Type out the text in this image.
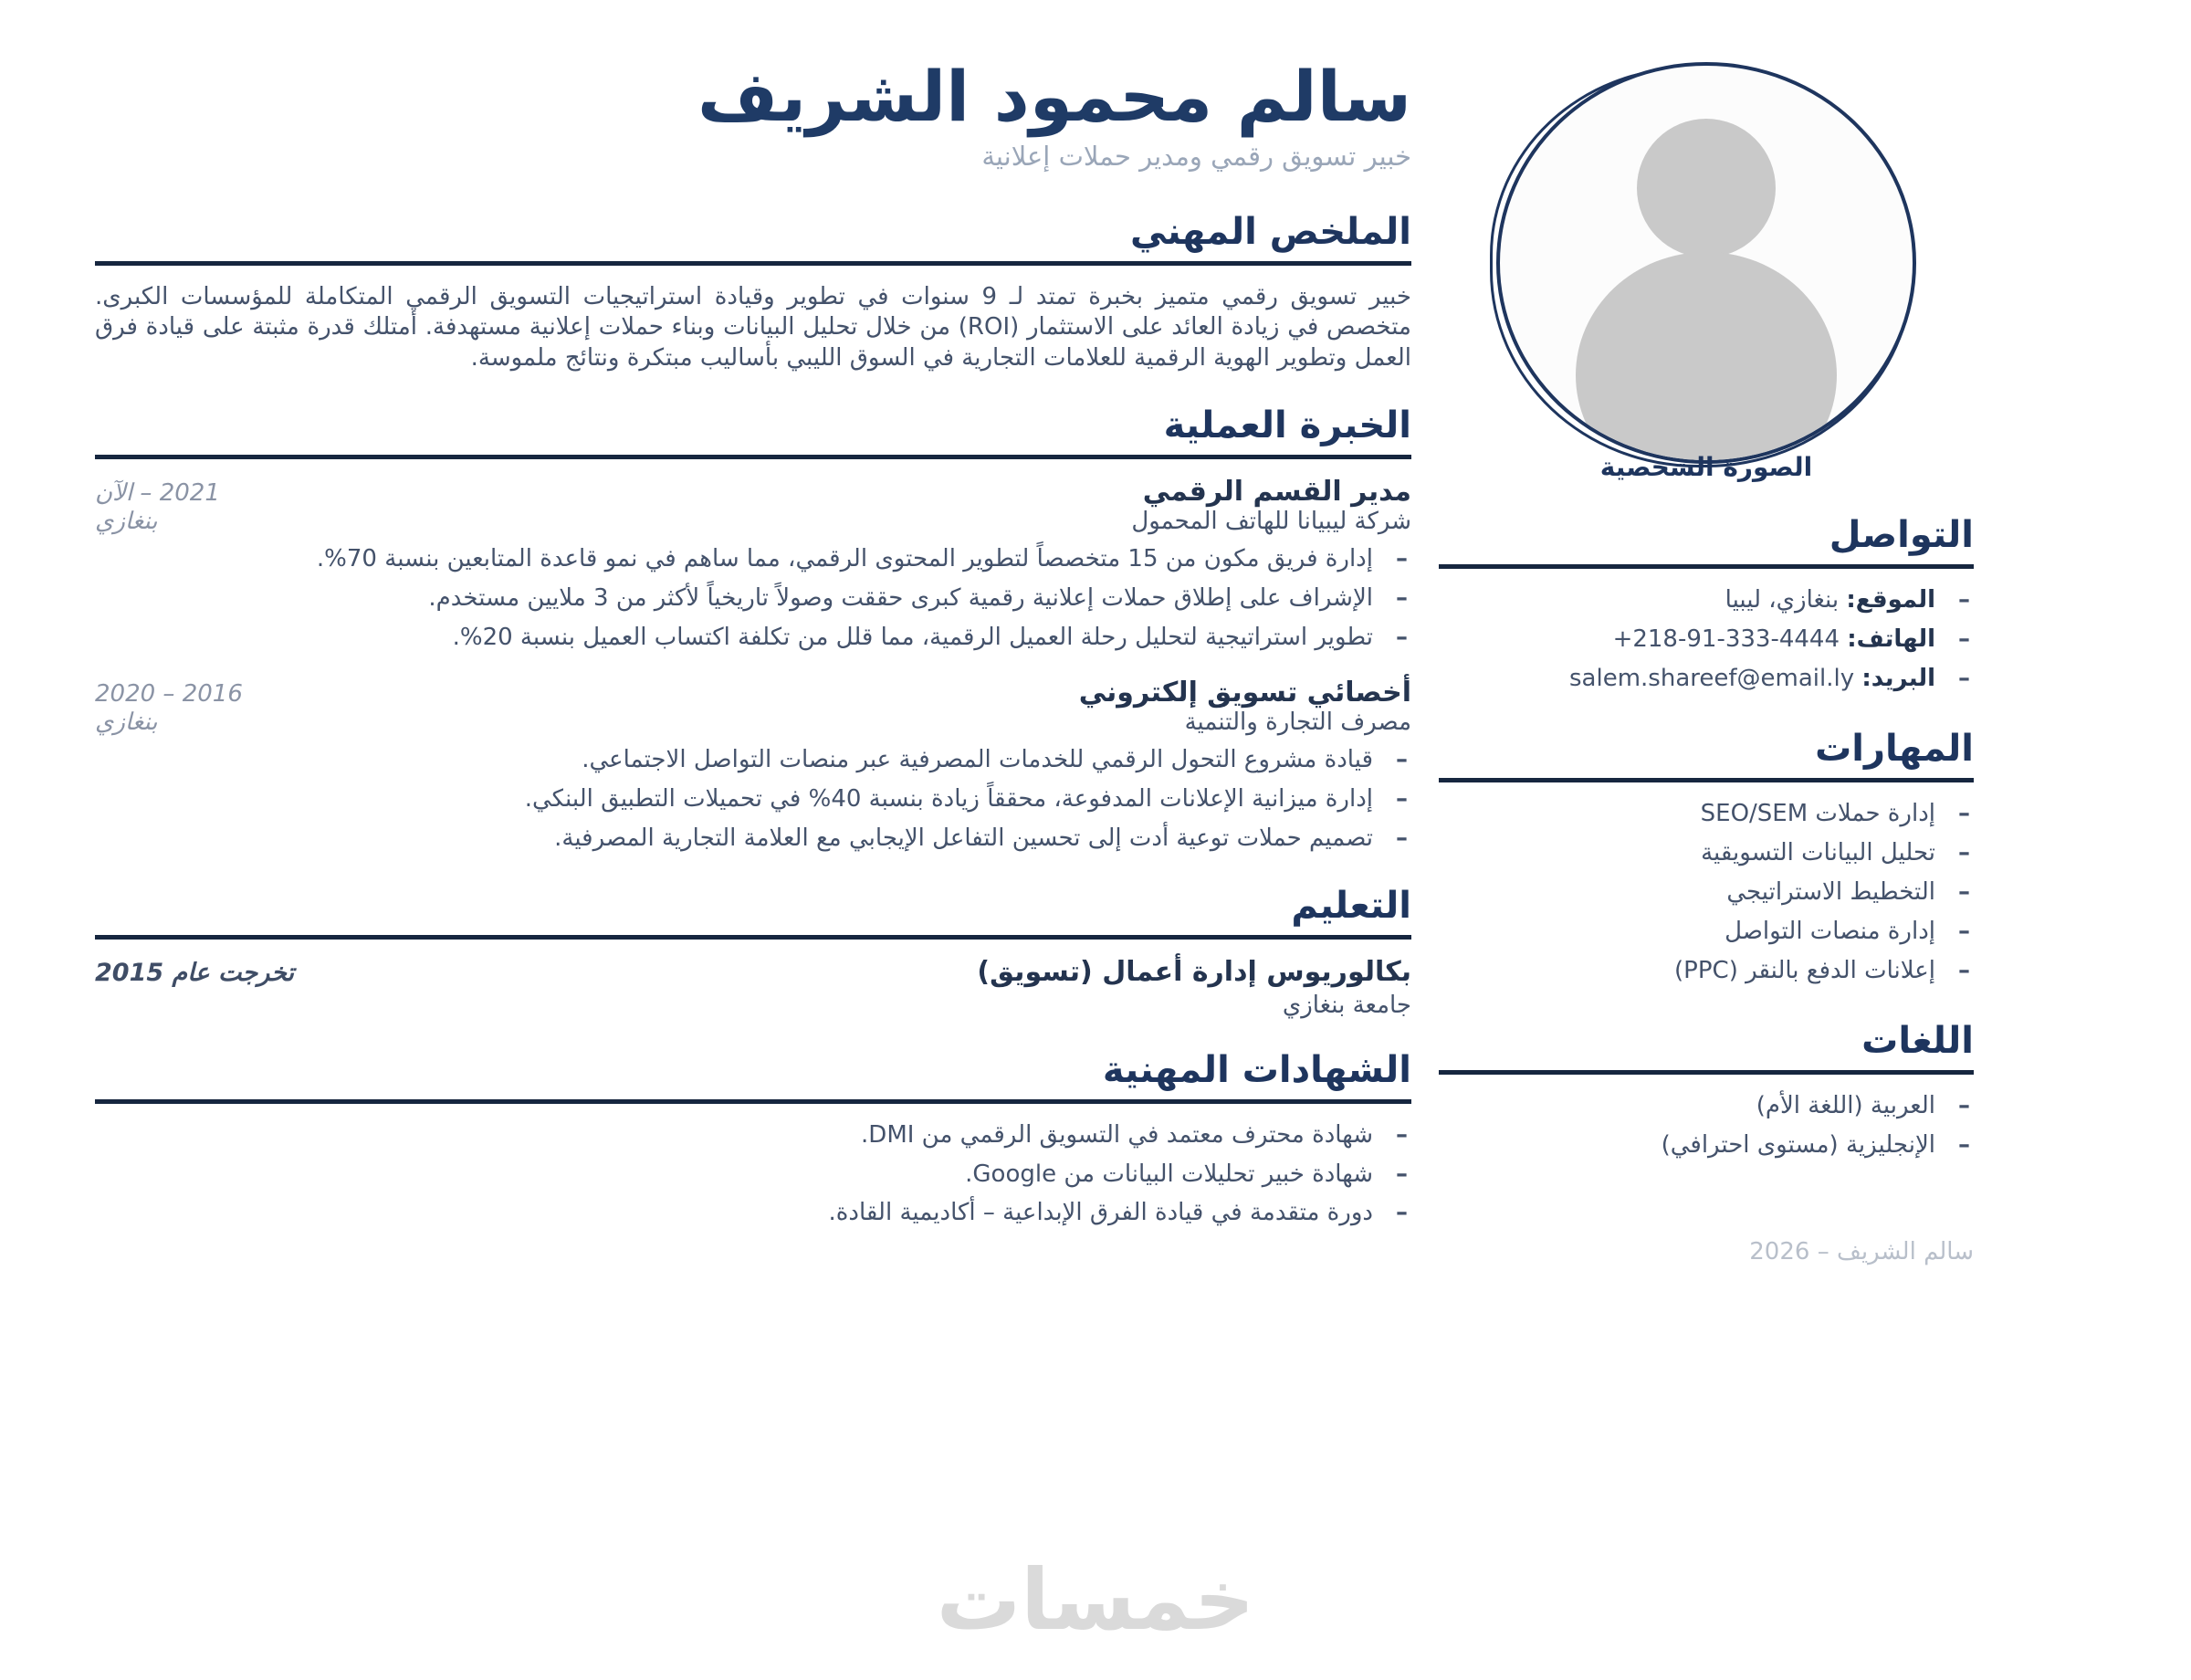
الصورة الشخصية
التواصل
– الموقع: بنغازي، ليبيا
– الهاتف: +218-91-333-4444
– البريد: salem.shareef@email.ly
المهارات
– إدارة حملات SEO/SEM
– تحليل البيانات التسويقية
– التخطيط الاستراتيجي
– إدارة منصات التواصل
– إعلانات الدفع بالنقر (PPC)
اللغات
– العربية (اللغة الأم)
– الإنجليزية (مستوى احترافي)
سالم الشريف – 2026
سالم محمود الشريف
خبير تسويق رقمي ومدير حملات إعلانية
الملخص المهني

خبير تسويق رقمي متميز بخبرة تمتد لـ 9 سنوات في تطوير وقيادة استراتيجيات التسويق الرقمي المتكاملة للمؤسسات الكبرى. متخصص في زيادة العائد على الاستثمار (ROI) من خلال تحليل البيانات وبناء حملات إعلانية مستهدفة. أمتلك قدرة مثبتة على قيادة فرق العمل وتطوير الهوية الرقمية للعلامات التجارية في السوق الليبي بأساليب مبتكرة ونتائج ملموسة.

الخبرة العملية
مدير القسم الرقمي
2021 – الآن
شركة ليبيانا للهاتف المحمول
بنغازي
– إدارة فريق مكون من 15 متخصصاً لتطوير المحتوى الرقمي، مما ساهم في نمو قاعدة المتابعين بنسبة 70%.
– الإشراف على إطلاق حملات إعلانية رقمية كبرى حققت وصولاً تاريخياً لأكثر من 3 ملايين مستخدم.
– تطوير استراتيجية لتحليل رحلة العميل الرقمية، مما قلل من تكلفة اكتساب العميل بنسبة 20%.
أخصائي تسويق إلكتروني
2016 – 2020
مصرف التجارة والتنمية
بنغازي
– قيادة مشروع التحول الرقمي للخدمات المصرفية عبر منصات التواصل الاجتماعي.
– إدارة ميزانية الإعلانات المدفوعة، محققاً زيادة بنسبة 40% في تحميلات التطبيق البنكي.
– تصميم حملات توعية أدت إلى تحسين التفاعل الإيجابي مع العلامة التجارية المصرفية.
التعليم
بكالوريوس إدارة أعمال (تسويق)
تخرجت عام 2015
جامعة بنغازي
الشهادات المهنية
– شهادة محترف معتمد في التسويق الرقمي من DMI.
– شهادة خبير تحليلات البيانات من Google.
– دورة متقدمة في قيادة الفرق الإبداعية – أكاديمية القادة.
خمسات
